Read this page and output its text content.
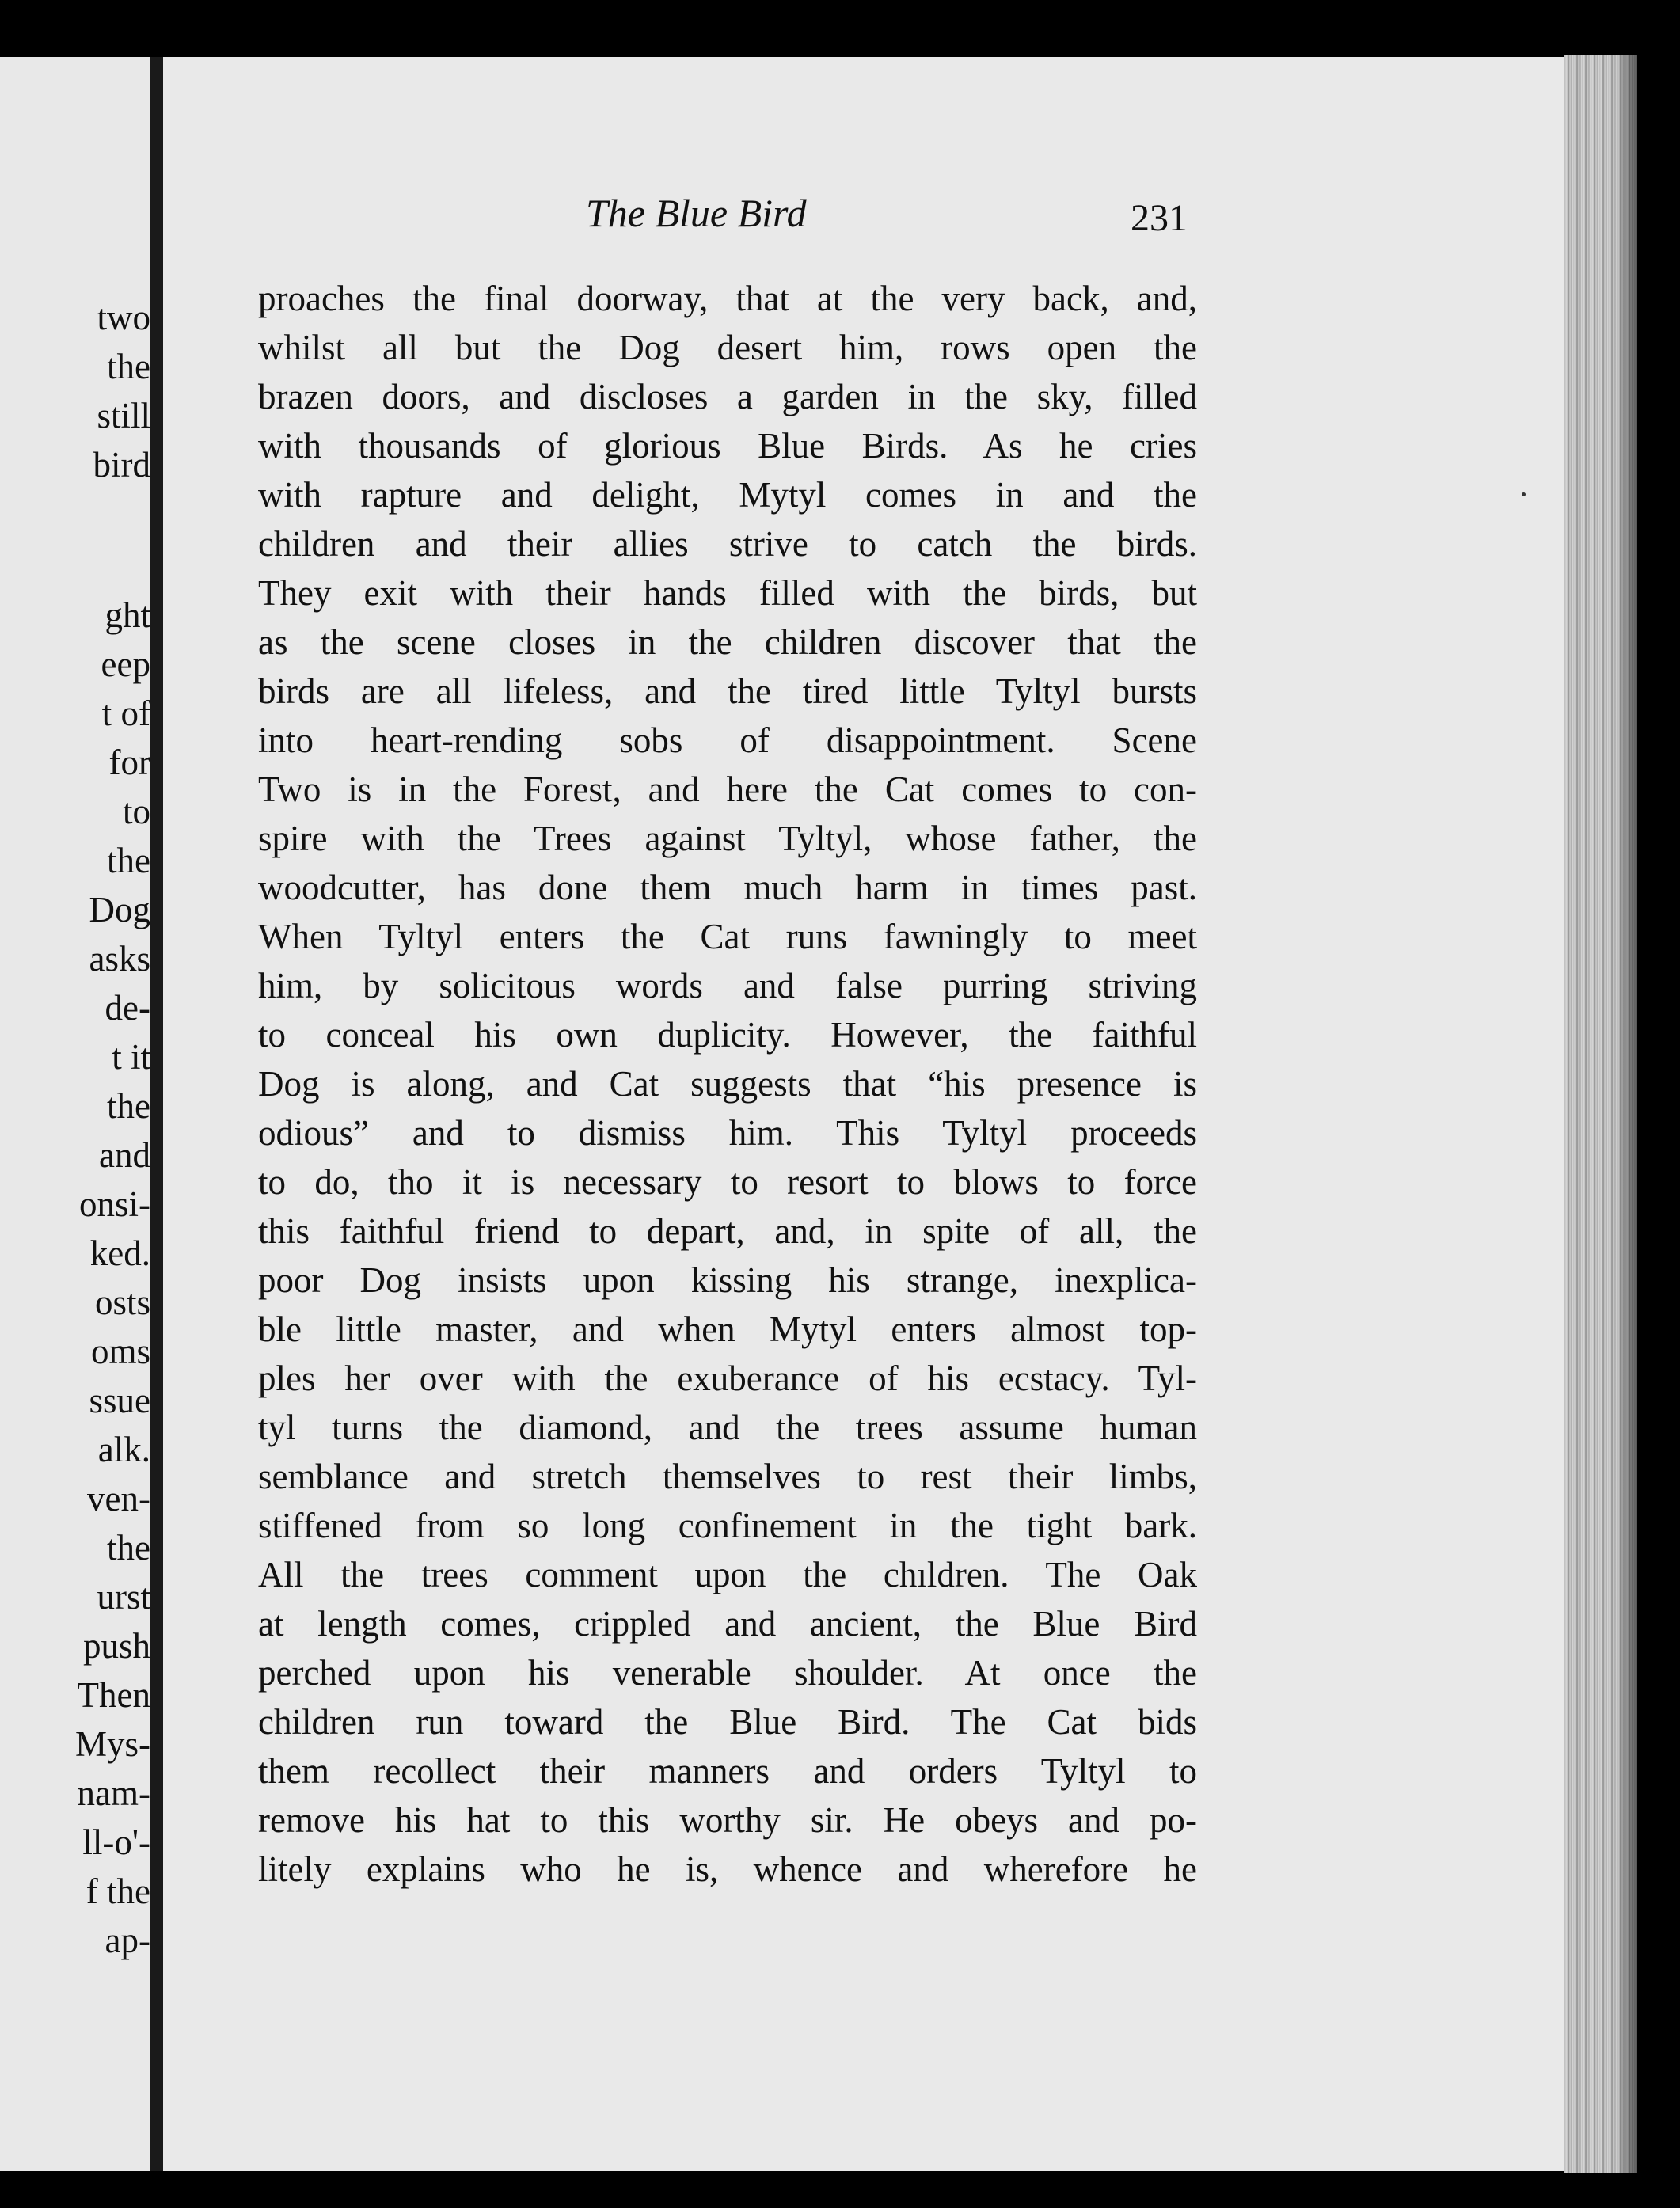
two
the
still
bird
ght
eep
t of
for
to
the
Dog
asks
de-
t it
the
and
onsi-
ked.
osts
oms
ssue
alk.
ven-
the
urst
push
Then
Mys-
nam-
ll-o'-
f the
ap-
The Blue Bird	231
proaches the final doorway, that at the very back, and,
whilst all but the Dog desert him, rows open the
brazen doors, and discloses a garden in the sky, filled
with thousands of glorious Blue Birds. As he cries
with rapture and delight, Mytyl comes in and the
children and their allies strive to catch the birds.
They exit with their hands filled with the birds, but
as the scene closes in the children discover that the
birds are all lifeless, and the tired little Tyltyl bursts
into heart-rending sobs of disappointment. Scene
Two is in the Forest, and here the Cat comes to con-
spire with the Trees against Tyltyl, whose father, the
woodcutter, has done them much harm in times past.
When Tyltyl enters the Cat runs fawningly to meet
him, by solicitous words and false purring striving
to conceal his own duplicity. However, the faithful
Dog is along, and Cat suggests that “his presence is
odious” and to dismiss him. This Tyltyl proceeds
to do, tho it is necessary to resort to blows to force
this faithful friend to depart, and, in spite of all, the
poor Dog insists upon kissing his strange, inexplica-
ble little master, and when Mytyl enters almost top-
ples her over with the exuberance of his ecstacy. Tyl-
tyl turns the diamond, and the trees assume human
semblance and stretch themselves to rest their limbs,
stiffened from so long confinement in the tight bark.
All the trees comment upon the chıldren. The Oak
at length comes, crippled and ancient, the Blue Bird
perched upon his venerable shoulder. At once the
children run toward the Blue Bird. The Cat bids
them recollect their manners and orders Tyltyl to
remove his hat to this worthy sir. He obeys and po-
litely explains who he is, whence and wherefore he
